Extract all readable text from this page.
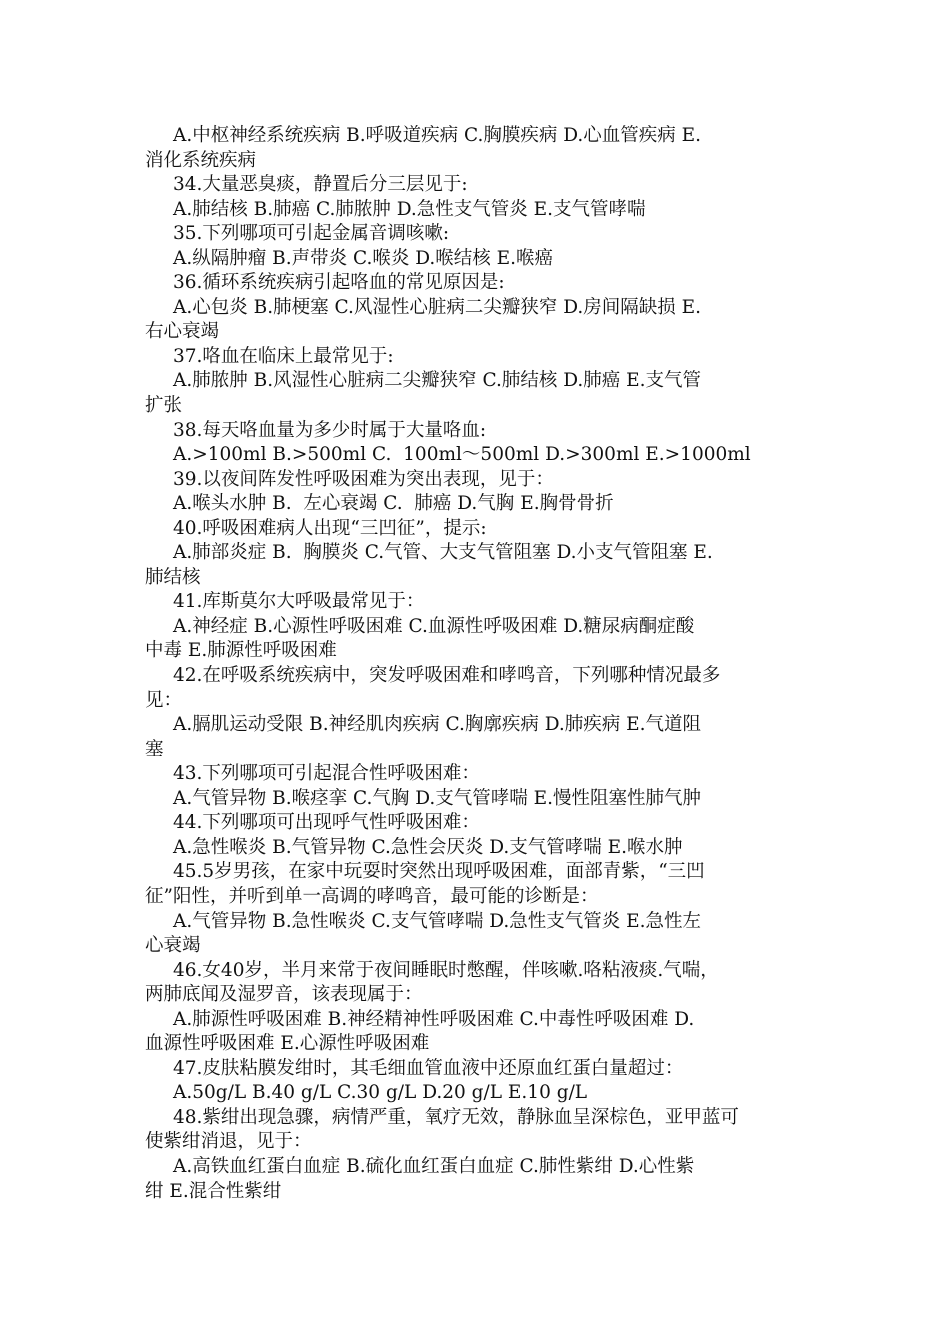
A.中枢神经系统疾病 B.呼吸道疾病 C.胸膜疾病 D.心血管疾病 E.
消化系统疾病
34.大量恶臭痰，静置后分三层见于:
A.肺结核 B.肺癌 C.肺脓肿 D.急性支气管炎 E.支气管哮喘
35.下列哪项可引起金属音调咳嗽:
A.纵隔肿瘤 B.声带炎 C.喉炎 D.喉结核 E.喉癌
36.循环系统疾病引起咯血的常见原因是:
A.心包炎 B.肺梗塞 C.风湿性心脏病二尖瓣狭窄 D.房间隔缺损 E.
右心衰竭
37.咯血在临床上最常见于:
A.肺脓肿 B.风湿性心脏病二尖瓣狭窄 C.肺结核 D.肺癌 E.支气管
扩张
38.每天咯血量为多少时属于大量咯血:
A.>100ml B.>500ml C.  100ml～500ml D.>300ml E.>1000ml
39.以夜间阵发性呼吸困难为突出表现，见于：
A.喉头水肿 B.  左心衰竭 C.  肺癌 D.气胸 E.胸骨骨折
40.呼吸困难病人出现“三凹征”，提示:
A.肺部炎症 B.  胸膜炎 C.气管、大支气管阻塞 D.小支气管阻塞 E.
肺结核
41.库斯莫尔大呼吸最常见于：
A.神经症 B.心源性呼吸困难 C.血源性呼吸困难 D.糖尿病酮症酸
中毒 E.肺源性呼吸困难
42.在呼吸系统疾病中，突发呼吸困难和哮鸣音，下列哪种情况最多
见：
A.膈肌运动受限 B.神经肌肉疾病 C.胸廓疾病 D.肺疾病 E.气道阻
塞
43.下列哪项可引起混合性呼吸困难：
A.气管异物 B.喉痉挛 C.气胸 D.支气管哮喘 E.慢性阻塞性肺气肿
44.下列哪项可出现呼气性呼吸困难：
A.急性喉炎 B.气管异物 C.急性会厌炎 D.支气管哮喘 E.喉水肿
45.5岁男孩，在家中玩耍时突然出现呼吸困难，面部青紫，“三凹
征”阳性，并听到单一高调的哮鸣音，最可能的诊断是：
A.气管异物 B.急性喉炎 C.支气管哮喘 D.急性支气管炎 E.急性左
心衰竭
46.女40岁，半月来常于夜间睡眠时憋醒，伴咳嗽.咯粘液痰.气喘，
两肺底闻及湿罗音，该表现属于：
A.肺源性呼吸困难 B.神经精神性呼吸困难 C.中毒性呼吸困难 D.
血源性呼吸困难 E.心源性呼吸困难
47.皮肤粘膜发绀时，其毛细血管血液中还原血红蛋白量超过：
A.50g/L B.40 g/L C.30 g/L D.20 g/L E.10 g/L
48.紫绀出现急骤，病情严重，氧疗无效，静脉血呈深棕色，亚甲蓝可
使紫绀消退，见于：
A.高铁血红蛋白血症 B.硫化血红蛋白血症 C.肺性紫绀 D.心性紫
绀 E.混合性紫绀
